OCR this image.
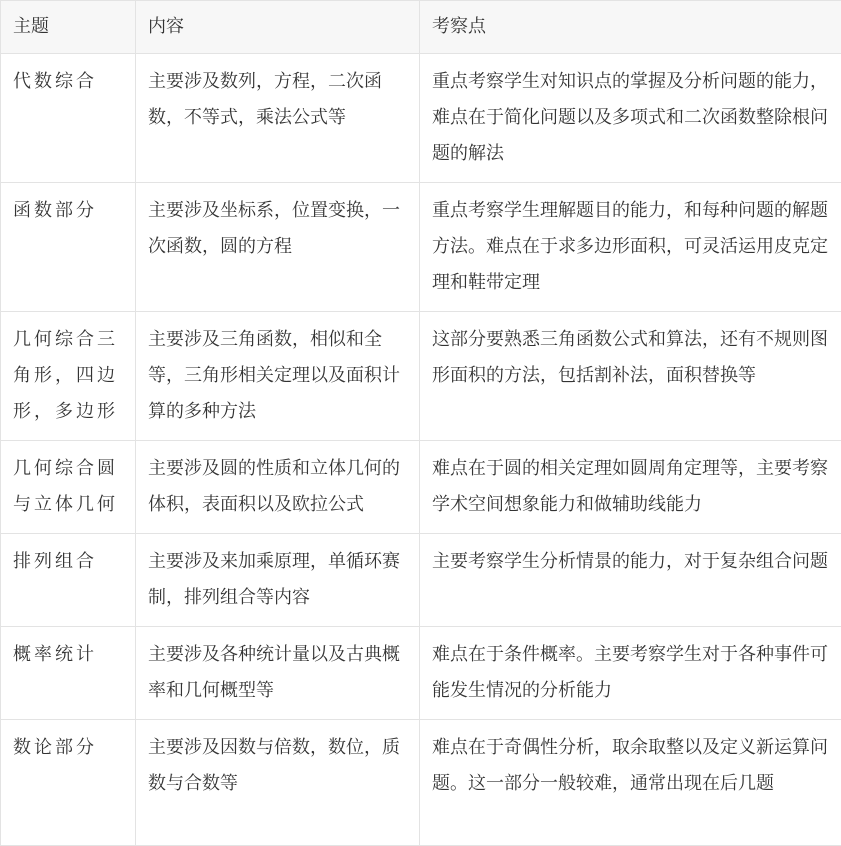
主题	内容	考察点
代数综合	主要涉及数列，方程，二次函数，不等式，乘法公式等	重点考察学生对知识点的掌握及分析问题的能力，难点在于简化问题以及多项式和二次函数整除根问题的解法
函数部分	主要涉及坐标系，位置变换，一次函数，圆的方程	重点考察学生理解题目的能力，和每种问题的解题方法。难点在于求多边形面积，可灵活运用皮克定理和鞋带定理
几何综合三角形，四边形，多边形	主要涉及三角函数，相似和全等，三角形相关定理以及面积计算的多种方法	这部分要熟悉三角函数公式和算法，还有不规则图形面积的方法，包括割补法，面积替换等
几何综合圆与立体几何	主要涉及圆的性质和立体几何的体积，表面积以及欧拉公式	难点在于圆的相关定理如圆周角定理等，主要考察学术空间想象能力和做辅助线能力
排列组合	主要涉及来加乘原理，单循环赛制，排列组合等内容	主要考察学生分析情景的能力，对于复杂组合问题
概率统计	主要涉及各种统计量以及古典概率和几何概型等	难点在于条件概率。主要考察学生对于各种事件可能发生情况的分析能力
数论部分	主要涉及因数与倍数，数位，质数与合数等	难点在于奇偶性分析，取余取整以及定义新运算问题。这一部分一般较难，通常出现在后几题
